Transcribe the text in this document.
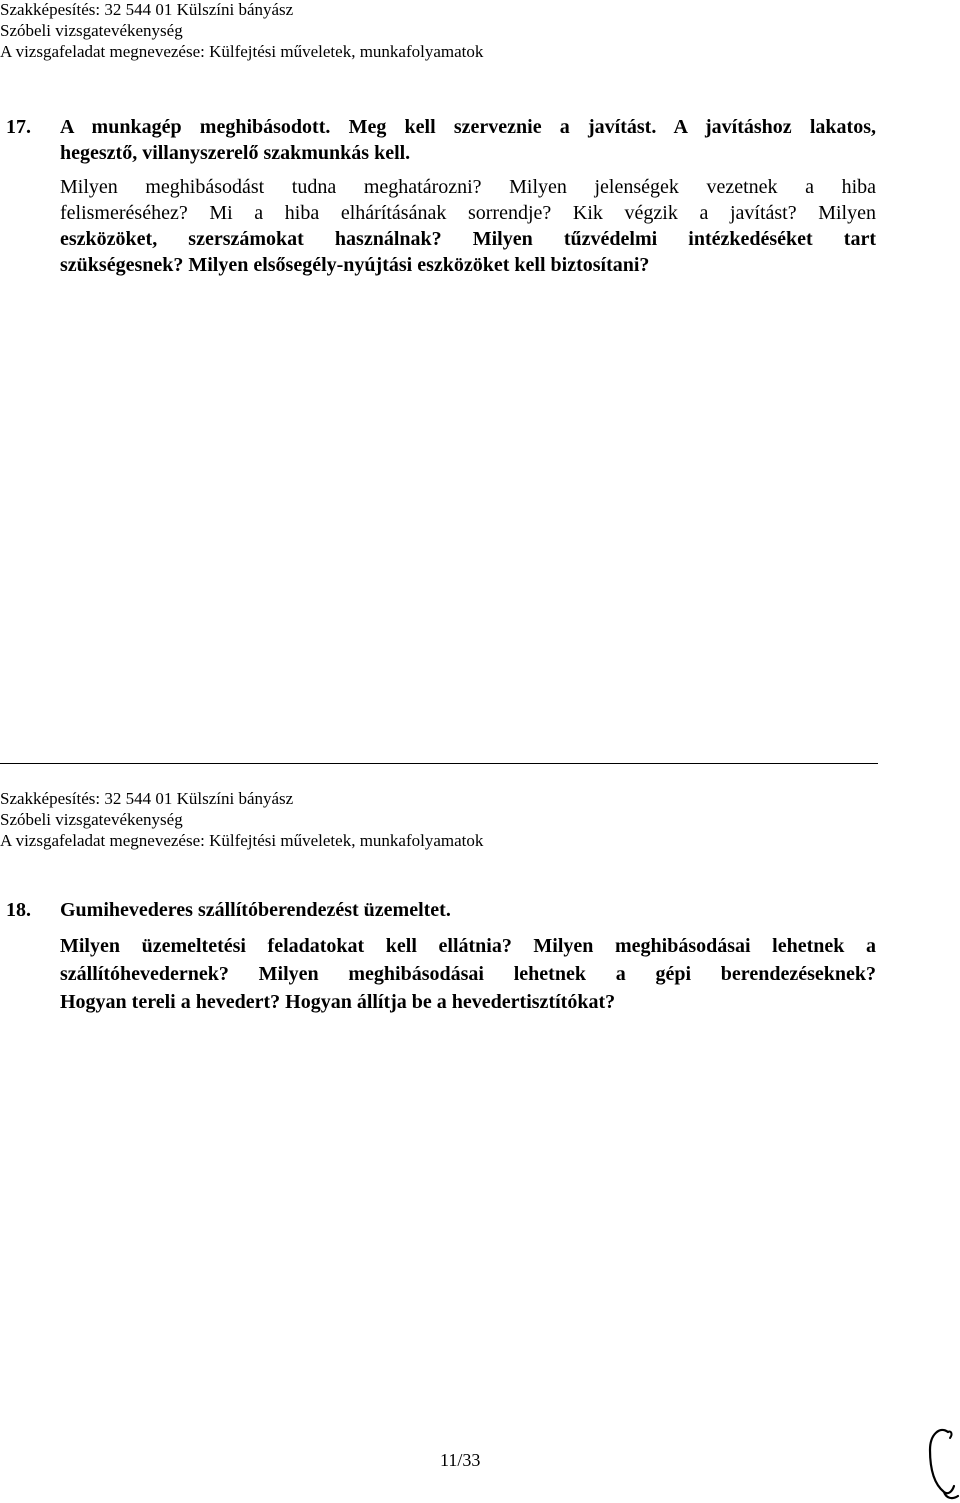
Szakképesítés: 32 544 01 Külszíni bányász
Szóbeli vizsgatevékenység
A vizsgafeladat megnevezése: Külfejtési műveletek, munkafolyamatok
17. A munkagép meghibásodott. Meg kell szerveznie a javítást. A javításhoz lakatos,
hegesztő, villanyszerelő szakmunkás kell.
Milyen meghibásodást tudna meghatározni? Milyen jelenségek vezetnek a hiba
felismeréséhez? Mi a hiba elhárításának sorrendje? Kik végzik a javítást? Milyen
eszközöket, szerszámokat használnak? Milyen tűzvédelmi intézkedéséket tart
szükségesnek? Milyen elsősegély-nyújtási eszközöket kell biztosítani?
Szakképesítés: 32 544 01 Külszíni bányász
Szóbeli vizsgatevékenység
A vizsgafeladat megnevezése: Külfejtési műveletek, munkafolyamatok
18. Gumihevederes szállítóberendezést üzemeltet.
Milyen üzemeltetési feladatokat kell ellátnia? Milyen meghibásodásai lehetnek a
szállítóhevedernek? Milyen meghibásodásai lehetnek a gépi berendezéseknek?
Hogyan tereli a hevedert? Hogyan állítja be a hevedertisztítókat?
11/33
